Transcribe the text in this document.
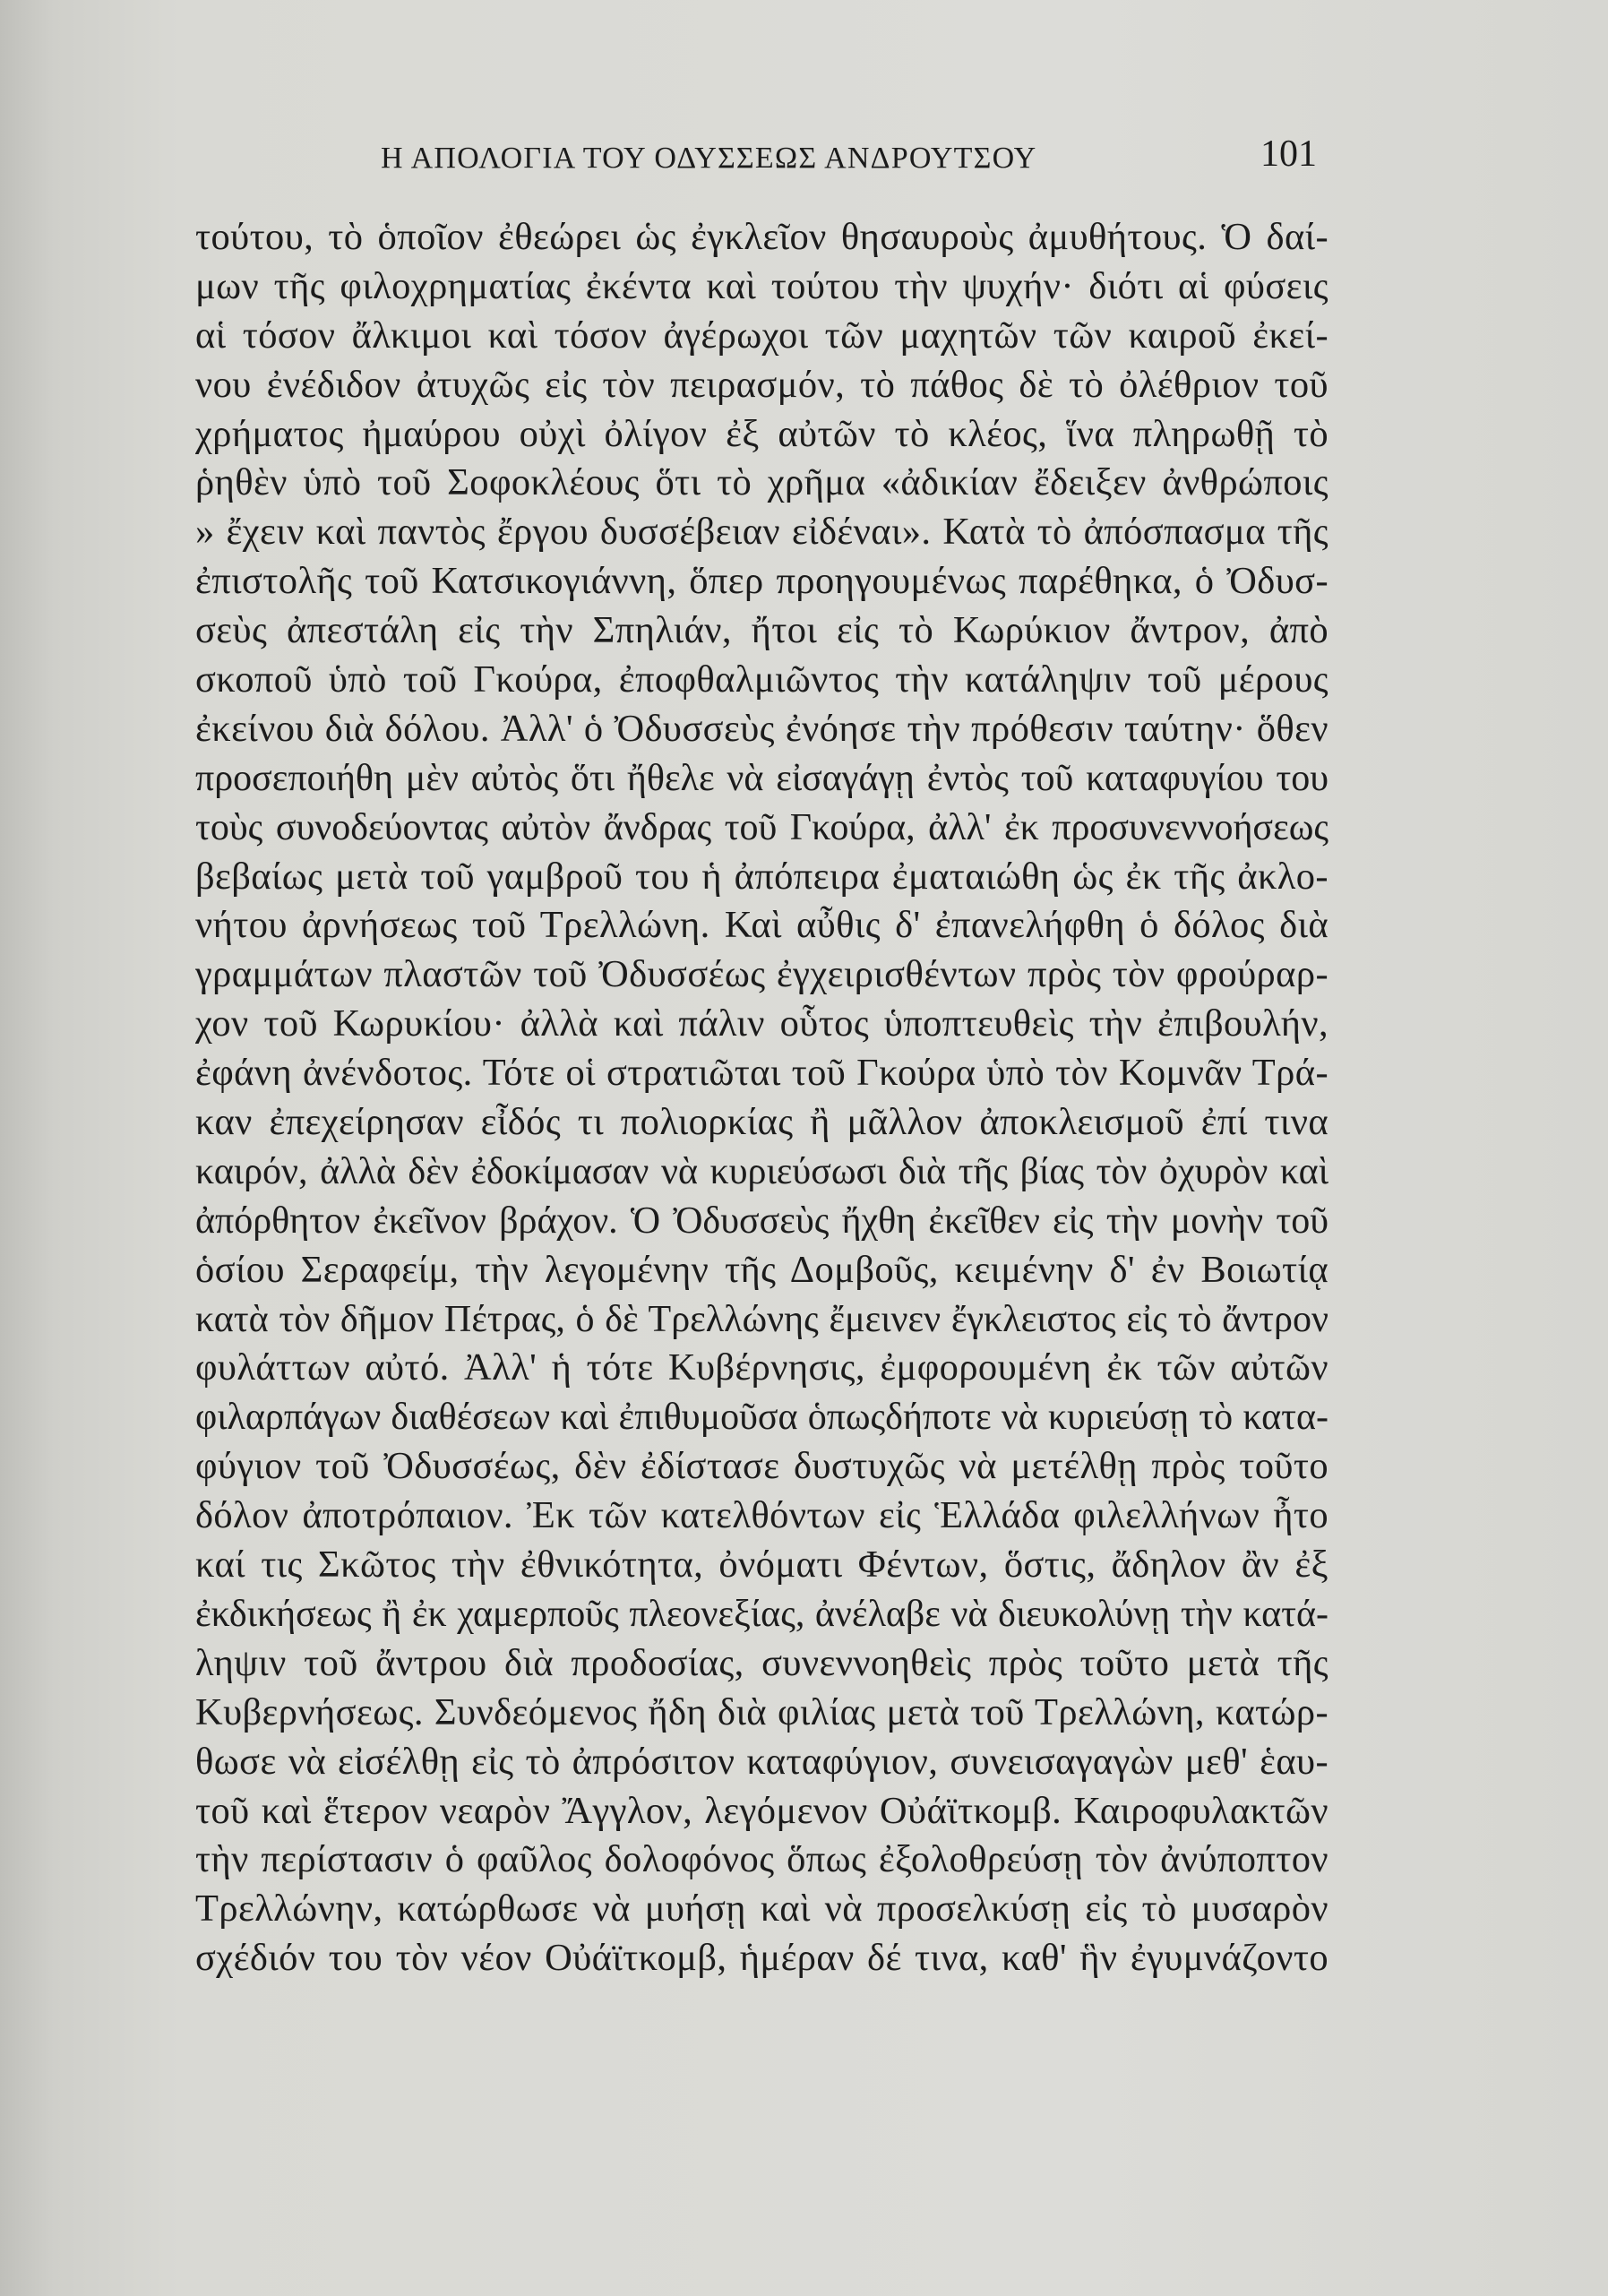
Η ΑΠΟΛΟΓΙΑ ΤΟΥ ΟΔΥΣΣΕΩΣ ΑΝΔΡΟΥΤΣΟΥ	101
τούτου, τὸ ὁποῖον ἐθεώρει ὡς ἐγκλεῖον θησαυροὺς ἀμυθήτους. Ὁ δαί-
μων τῆς φιλοχρηματίας ἐκέντα καὶ τούτου τὴν ψυχήν· διότι αἱ φύσεις
αἱ τόσον ἄλκιμοι καὶ τόσον ἀγέρωχοι τῶν μαχητῶν τῶν καιροῦ ἐκεί-
νου ἐνέδιδον ἀτυχῶς εἰς τὸν πειρασμόν, τὸ πάθος δὲ τὸ ὀλέθριον τοῦ
χρήματος ἠμαύρου οὐχὶ ὀλίγον ἐξ αὐτῶν τὸ κλέος, ἵνα πληρωθῇ τὸ
ῥηθὲν ὑπὸ τοῦ Σοφοκλέους ὅτι τὸ χρῆμα «ἀδικίαν ἔδειξεν ἀνθρώποις
» ἔχειν καὶ παντὸς ἔργου δυσσέβειαν εἰδέναι». Κατὰ τὸ ἀπόσπασμα τῆς
ἐπιστολῆς τοῦ Κατσικογιάννη, ὅπερ προηγουμένως παρέθηκα, ὁ Ὀδυσ-
σεὺς ἀπεστάλη εἰς τὴν Σπηλιάν, ἤτοι εἰς τὸ Κωρύκιον ἄντρον, ἀπὸ
σκοποῦ ὑπὸ τοῦ Γκούρα, ἐποφθαλμιῶντος τὴν κατάληψιν τοῦ μέρους
ἐκείνου διὰ δόλου. Ἀλλ' ὁ Ὀδυσσεὺς ἐνόησε τὴν πρόθεσιν ταύτην· ὅθεν
προσεποιήθη μὲν αὐτὸς ὅτι ἤθελε νὰ εἰσαγάγῃ ἐντὸς τοῦ καταφυγίου του
τοὺς συνοδεύοντας αὐτὸν ἄνδρας τοῦ Γκούρα, ἀλλ' ἐκ προσυνεννοήσεως
βεβαίως μετὰ τοῦ γαμβροῦ του ἡ ἀπόπειρα ἐματαιώθη ὡς ἐκ τῆς ἀκλο-
νήτου ἀρνήσεως τοῦ Τρελλώνη. Καὶ αὖθις δ' ἐπανελήφθη ὁ δόλος διὰ
γραμμάτων πλαστῶν τοῦ Ὀδυσσέως ἐγχειρισθέντων πρὸς τὸν φρούραρ-
χον τοῦ Κωρυκίου· ἀλλὰ καὶ πάλιν οὗτος ὑποπτευθεὶς τὴν ἐπιβουλήν,
ἐφάνη ἀνένδοτος. Τότε οἱ στρατιῶται τοῦ Γκούρα ὑπὸ τὸν Κομνᾶν Τρά-
καν ἐπεχείρησαν εἶδός τι πολιορκίας ἢ μᾶλλον ἀποκλεισμοῦ ἐπί τινα
καιρόν, ἀλλὰ δὲν ἐδοκίμασαν νὰ κυριεύσωσι διὰ τῆς βίας τὸν ὀχυρὸν καὶ
ἀπόρθητον ἐκεῖνον βράχον. Ὁ Ὀδυσσεὺς ἤχθη ἐκεῖθεν εἰς τὴν μονὴν τοῦ
ὁσίου Σεραφείμ, τὴν λεγομένην τῆς Δομβοῦς, κειμένην δ' ἐν Βοιωτίᾳ
κατὰ τὸν δῆμον Πέτρας, ὁ δὲ Τρελλώνης ἔμεινεν ἔγκλειστος εἰς τὸ ἄντρον
φυλάττων αὐτό. Ἀλλ' ἡ τότε Κυβέρνησις, ἐμφορουμένη ἐκ τῶν αὐτῶν
φιλαρπάγων διαθέσεων καὶ ἐπιθυμοῦσα ὁπωςδήποτε νὰ κυριεύσῃ τὸ κατα-
φύγιον τοῦ Ὀδυσσέως, δὲν ἐδίστασε δυστυχῶς νὰ μετέλθῃ πρὸς τοῦτο
δόλον ἀποτρόπαιον. Ἐκ τῶν κατελθόντων εἰς Ἑλλάδα φιλελλήνων ἦτο
καί τις Σκῶτος τὴν ἐθνικότητα, ὀνόματι Φέντων, ὅστις, ἄδηλον ἂν ἐξ
ἐκδικήσεως ἢ ἐκ χαμερποῦς πλεονεξίας, ἀνέλαβε νὰ διευκολύνῃ τὴν κατά-
ληψιν τοῦ ἄντρου διὰ προδοσίας, συνεννοηθεὶς πρὸς τοῦτο μετὰ τῆς
Κυβερνήσεως. Συνδεόμενος ἤδη διὰ φιλίας μετὰ τοῦ Τρελλώνη, κατώρ-
θωσε νὰ εἰσέλθῃ εἰς τὸ ἀπρόσιτον καταφύγιον, συνεισαγαγὼν μεθ' ἑαυ-
τοῦ καὶ ἕτερον νεαρὸν Ἄγγλον, λεγόμενον Οὐάϊτκομβ. Καιροφυλακτῶν
τὴν περίστασιν ὁ φαῦλος δολοφόνος ὅπως ἐξολοθρεύσῃ τὸν ἀνύποπτον
Τρελλώνην, κατώρθωσε νὰ μυήσῃ καὶ νὰ προσελκύσῃ εἰς τὸ μυσαρὸν
σχέδιόν του τὸν νέον Οὐάϊτκομβ, ἡμέραν δέ τινα, καθ' ἣν ἐγυμνάζοντο
